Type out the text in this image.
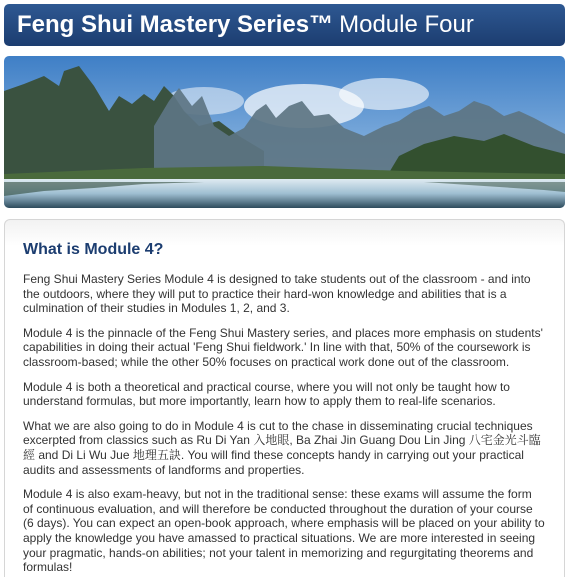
Feng Shui Mastery Series™ Module Four
What is Module 4?

Feng Shui Mastery Series Module 4 is designed to take students out of the classroom - and into the outdoors, where they will put to practice their hard-won knowledge and abilities that is a culmination of their studies in Modules 1, 2, and 3.

Module 4 is the pinnacle of the Feng Shui Mastery series, and places more emphasis on students' capabilities in doing their actual 'Feng Shui fieldwork.' In line with that, 50% of the coursework is classroom-based; while the other 50% focuses on practical work done out of the classroom.

Module 4 is both a theoretical and practical course, where you will not only be taught how to understand formulas, but more importantly, learn how to apply them to real-life scenarios.

What we are also going to do in Module 4 is cut to the chase in disseminating crucial techniques excerpted from classics such as Ru Di Yan 入地眼, Ba Zhai Jin Guang Dou Lin Jing 八宅金光斗臨經 and Di Li Wu Jue 地理五訣. You will find these concepts handy in carrying out your practical audits and assessments of landforms and properties.

Module 4 is also exam-heavy, but not in the traditional sense: these exams will assume the form of continuous evaluation, and will therefore be conducted throughout the duration of your course (6 days). You can expect an open-book approach, where emphasis will be placed on your ability to apply the knowledge you have amassed to practical situations. We are more interested in seeing your pragmatic, hands-on abilities; not your talent in memorizing and regurgitating theorems and formulas!
